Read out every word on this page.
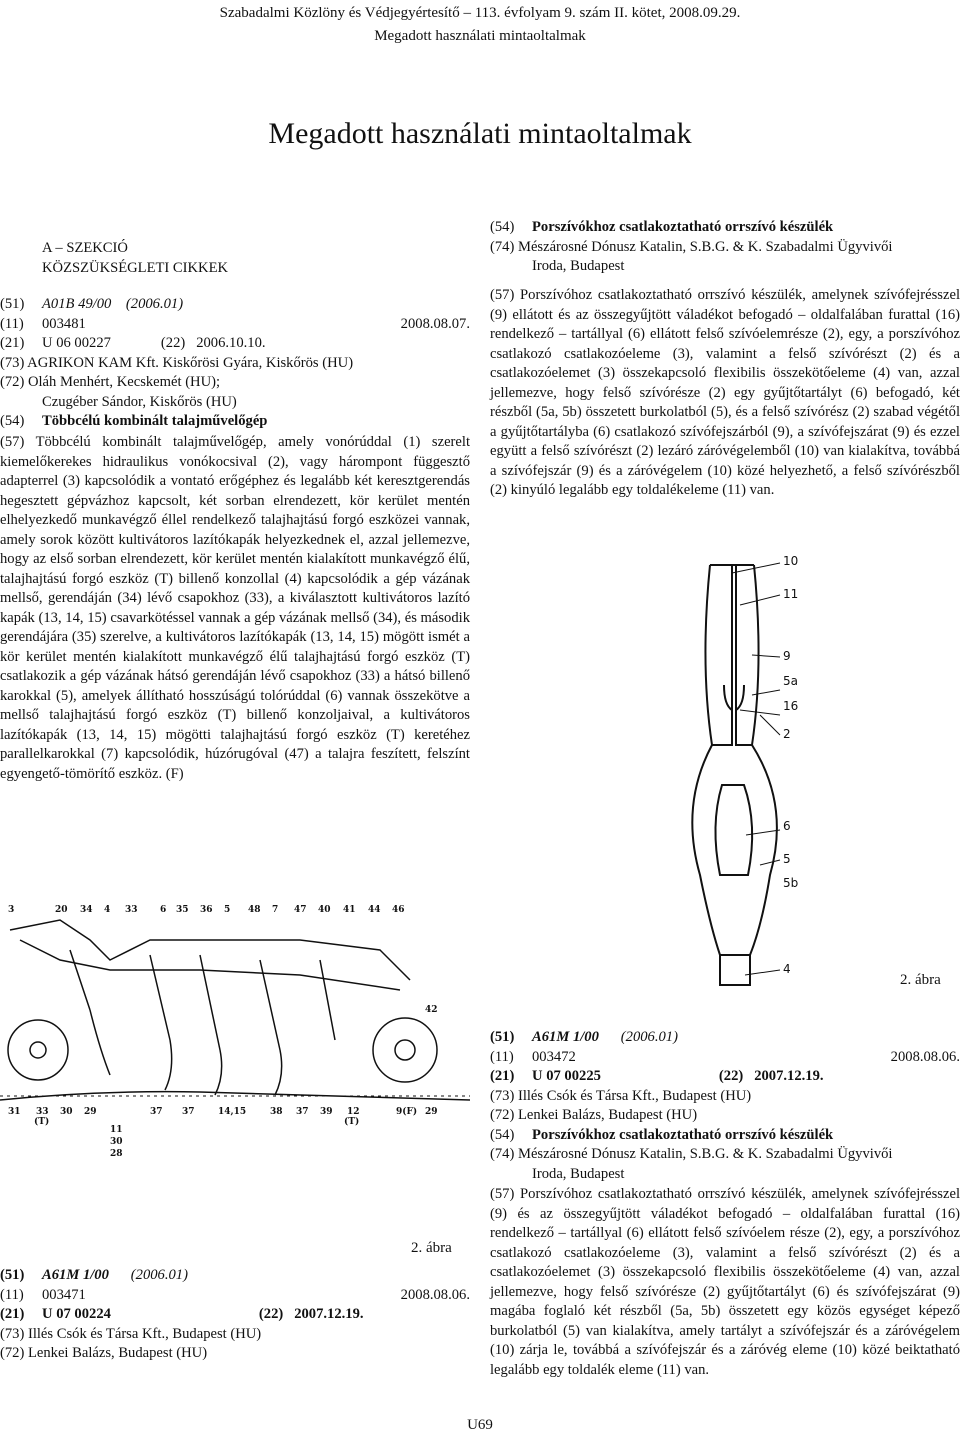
Szabadalmi Közlöny és Védjegyértesítő – 113. évfolyam 9. szám II. kötet, 2008.09.29.
Megadott használati mintaoltalmak
Megadott használati mintaoltalmak

A – SZEKCIÓ

KÖZSZÜKSÉGLETI CIKKEK

(51) A01B 49/00 (2006.01)

(11) 003481	2008.08.07.
(21) U 06 00227	(22) 2006.10.10.

(73) AGRIKON KAM Kft. Kiskőrösi Gyára, Kiskőrös (HU)

(72) Oláh Menhért, Kecskemét (HU);

Czugéber Sándor, Kiskőrös (HU)

(54) Többcélú kombinált talajművelőgép

(57) Többcélú kombinált talajművelőgép, amely vonórúddal (1) szerelt kiemelőkerekes hidraulikus vonókocsival (2), vagy hárompont függesztő adapterrel (3) kapcsolódik a vontató erőgéphez és legalább két keresztgerendás hegesztett gépvázhoz kapcsolt, két sorban elrendezett, kör kerület mentén elhelyezkedő munkavégző éllel rendelkező talajhajtású forgó eszközei vannak, amely sorok között kultivátoros lazítókapák helyezkednek el, azzal jellemezve, hogy az első sorban elrendezett, kör kerület mentén kialakított munkavégző élű, talajhajtású forgó eszköz (T) billenő konzollal (4) kapcsolódik a gép vázának mellső, gerendáján (34) lévő csapokhoz (33), a kiválasztott kultivátoros lazító kapák (13, 14, 15) csavarkötéssel vannak a gép vázának mellső (34), és második gerendájára (35) szerelve, a kultivátoros lazítókapák (13, 14, 15) mögött ismét a kör kerület mentén kialakított munkavégző élű talajhajtású forgó eszköz (T) csatlakozik a gép vázának hátsó gerendáján lévő csapokhoz (33) a hátsó billenő karokkal (5), amelyek állítható hosszúságú tolórúddal (6) vannak összekötve a mellső talajhajtású forgó eszköz (T) billenő konzoljaival, a kultivátoros lazítókapák (13, 14, 15) mögötti talajhajtású forgó eszköz (T) keretéhez parallelkarokkal (7) kapcsolódik, húzórugóval (47) a talajra feszített, felszínt egyengető-tömörítő eszköz. (F)

(54) Porszívókhoz csatlakoztatható orrszívó készülék

(74) Mészárosné Dónusz Katalin, S.B.G. & K. Szabadalmi Ügyvivői

Iroda, Budapest

(57) Porszívóhoz csatlakoztatható orrszívó készülék, amelynek szívófejrésszel (9) ellátott és az összegyűjtött váladékot befogadó – oldalfalában furattal (16) rendelkező – tartállyal (6) ellátott felső szívóelemrésze (2), egy, a porszívóhoz csatlakozó csatlakozóeleme (3), valamint a felső szívórészt (2) és a csatlakozóelemet (3) összekapcsoló flexibilis összekötőeleme (4) van, azzal jellemezve, hogy felső szívórésze (2) egy gyűjtőtartályt (6) befogadó, két részből (5a, 5b) összetett burkolatból (5), és a felső szívórész (2) szabad végétől a gyűjtőtartályba (6) csatlakozó szívófejszárból (9), a szívófejszárat (9) és ezzel együtt a felső szívórészt (2) lezáró záróvégelemből (10) van kialakítva, továbbá a szívófejszár (9) és a záróvégelem (10) közé helyezhető, a felső szívórészből (2) kinyúló legalább egy toldalékeleme (11) van.

10
11
9
5a
16
2
6
5
5b
4
2. ábra
3	20 34 4 33 6 35 36 5 48 7 47 40 41 44 46
42
31 33
(T)
30 29	37 37	14,15	38 37 39 12
(T)
9(F) 29
11
30
28
2. ábra

(51) A61M 1/00 (2006.01)

(11) 003471	2008.08.06.
(21) U 07 00224	(22) 2007.12.19.

(73) Illés Csók és Társa Kft., Budapest (HU)

(72) Lenkei Balázs, Budapest (HU)

(51) A61M 1/00 (2006.01)

(11) 003472	2008.08.06.
(21) U 07 00225	(22) 2007.12.19.

(73) Illés Csók és Társa Kft., Budapest (HU)

(72) Lenkei Balázs, Budapest (HU)

(54) Porszívókhoz csatlakoztatható orrszívó készülék

(74) Mészárosné Dónusz Katalin, S.B.G. & K. Szabadalmi Ügyvivői

Iroda, Budapest

(57) Porszívóhoz csatlakoztatható orrszívó készülék, amelynek szívófejrésszel (9) és az összegyűjtött váladékot befogadó – oldalfalában furattal (16) rendelkező – tartállyal (6) ellátott felső szívóelem része (2), egy, a porszívóhoz csatlakozó csatlakozóeleme (3), valamint a felső szívórészt (2) és a csatlakozóelemet (3) összekapcsoló flexibilis összekötőeleme (4) van, azzal jellemezve, hogy felső szívórésze (2) gyűjtőtartályt (6) és szívófejszárat (9) magába foglaló két részből (5a, 5b) összetett egy közös egységet képező burkolatból (5) van kialakítva, amely tartályt a szívófejszár és a záróvégelem (10) zárja le, továbbá a szívófejszár és a záróvég eleme (10) közé beiktatható legalább egy toldalék eleme (11) van.

U69
